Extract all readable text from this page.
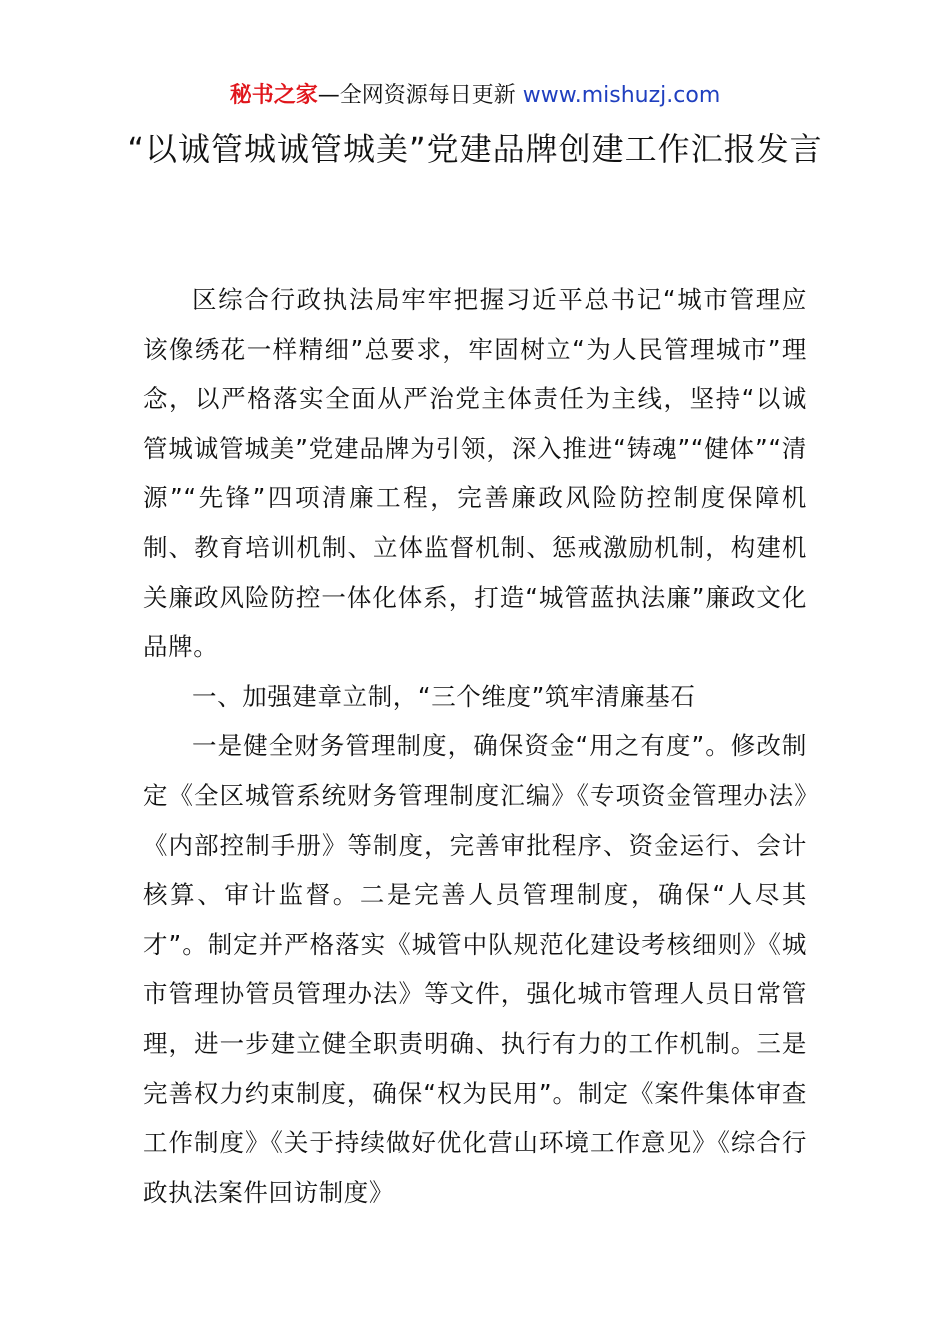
秘书之家—全网资源每日更新 www.mishuzj.com
“以诚管城诚管城美”党建品牌创建工作汇报发言

区综合行政执法局牢牢把握习近平总书记“城市管理应该像绣花一样精细”总要求，牢固树立“为人民管理城市”理念，以严格落实全面从严治党主体责任为主线，坚持“以诚管城诚管城美”党建品牌为引领，深入推进“铸魂”“健体”“清源”“先锋”四项清廉工程，完善廉政风险防控制度保障机制、教育培训机制、立体监督机制、惩戒激励机制，构建机关廉政风险防控一体化体系，打造“城管蓝执法廉”廉政文化品牌。

一、加强建章立制，“三个维度”筑牢清廉基石

一是健全财务管理制度，确保资金“用之有度”。修改制定《全区城管系统财务管理制度汇编》《专项资金管理办法》《内部控制手册》等制度，完善审批程序、资金运行、会计核算、审计监督。二是完善人员管理制度，确保“人尽其才”。制定并严格落实《城管中队规范化建设考核细则》《城市管理协管员管理办法》等文件，强化城市管理人员日常管理，进一步建立健全职责明确、执行有力的工作机制。三是完善权力约束制度，确保“权为民用”。制定《案件集体审查工作制度》《关于持续做好优化营山环境工作意见》《综合行政执法案件回访制度》
